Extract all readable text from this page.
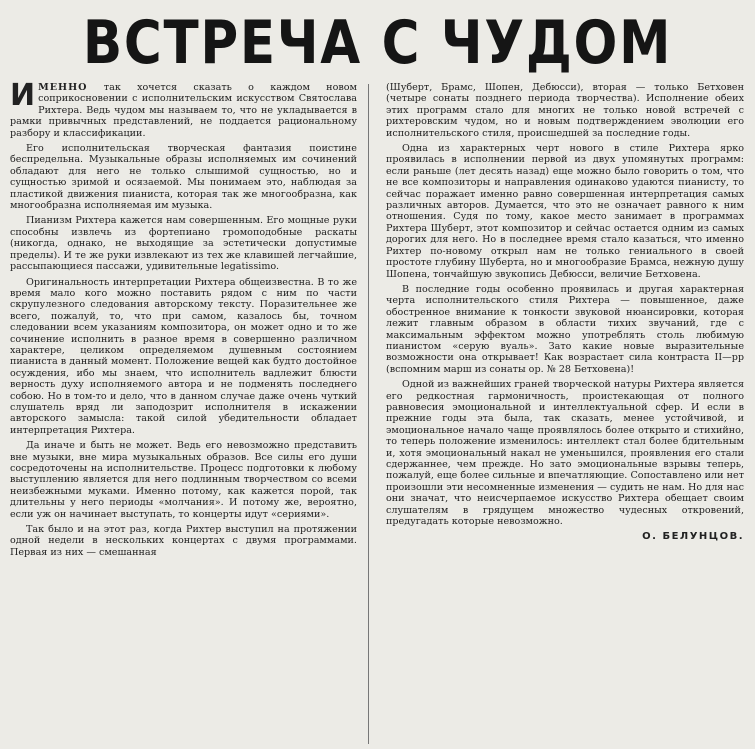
ВСТРЕЧА С ЧУДОМ

ИМЕННО так хочется сказать о каждом новом соприкосновении с исполнительским искусством Святослава Рихтера. Ведь чудом мы называем то, что не укладывается в рамки привычных представлений, не поддается рациональному разбору и классификации.

Его исполнительская творческая фантазия поистине беспредельна. Музыкальные образы исполняемых им сочинений обладают для него не только слышимой сущностью, но и сущностью зримой и осязаемой. Мы понимаем это, наблюдая за пластикой движения пианиста, которая так же многообразна, как многообразна исполняемая им музыка.

Пианизм Рихтера кажется нам совершенным. Его мощные руки способны извлечь из фортепиано громоподобные раскаты (никогда, однако, не выходящие за эстетически допустимые пределы). И те же руки извлекают из тех же клавишей легчайшие, рассыпающиеся пассажи, удивительные legatissimo.

Оригинальность интерпретации Рихтера общеизвестна. В то же время мало кого можно поставить рядом с ним по части скрупулезного следования авторскому тексту. Поразительнее же всего, пожалуй, то, что при самом, казалось бы, точном следовании всем указаниям композитора, он может одно и то же сочинение исполнить в разное время в совершенно различном характере, целиком определяемом душевным состоянием пианиста в данный момент. Положение вещей как будто достойное осуждения, ибо мы знаем, что исполнитель вадлежит блюсти верность духу исполняемого автора и не подменять последнего собою. Но в том-то и дело, что в данном случае даже очень чуткий слушатель вряд ли заподозрит исполнителя в искажении авторского замысла: такой силой убедительности обладает интерпретация Рихтера.

Да иначе и быть не может. Ведь его невозможно представить вне музыки, вне мира музыкальных образов. Все силы его души сосредоточены на исполнительстве. Процесс подготовки к любому выступлению является для него подлинным творчеством со всеми неизбежными муками. Именно потому, как кажется порой, так длительны у него периоды «молчания». И потому же, вероятно, если уж он начинает выступать, то концерты идут «сериями».

Так было и на этот раз, когда Рихтер выступил на протяжении одной недели в нескольких концертах с двумя программами. Первая из них — смешанная

(Шуберт, Брамс, Шопен, Дебюсси), вторая — только Бетховен (четыре сонаты позднего периода творчества). Исполнение обеих этих программ стало для многих не только новой встречей с рихтеровским чудом, но и новым подтверждением эволюции его исполнительского стиля, происшедшей за последние годы.

Одна из характерных черт нового в стиле Рихтера ярко проявилась в исполнении первой из двух упомянутых программ: если раньше (лет десять назад) еще можно было говорить о том, что не все композиторы и направления одинаково удаются пианисту, то сейчас поражает именно равно совершенная интерпретация самых различных авторов. Думается, что это не означает равного к ним отношения. Судя по тому, какое место занимает в программах Рихтера Шуберт, этот композитор и сейчас остается одним из самых дорогих для него. Но в последнее время стало казаться, что именно Рихтер по-новому открыл нам не только гениального в своей простоте глубину Шуберта, но и многообразие Брамса, нежную душу Шопена, тончайшую звукопись Дебюсси, величие Бетховена.

В последние годы особенно проявилась и другая характерная черта исполнительского стиля Рихтера — повышенное, даже обостренное внимание к тонкости звуковой нюансировки, которая лежит главным образом в области тихих звучаний, где с максимальным эффектом можно употреблять столь любимую пианистом «серую вуаль». Зато какие новые выразительные возможности она открывает! Как возрастает сила контраста II—pp (вспомним марш из сонаты ор. № 28 Бетховена)!

Одной из важнейших граней творческой натуры Рихтера является его редкостная гармоничность, проистекающая от полного равновесия эмоциональной и интеллектуальной сфер. И если в прежние годы эта была, так сказать, менее устойчивой, и эмоциональное начало чаще проявлялось более открыто и стихийно, то теперь положение изменилось: интеллект стал более бдительным и, хотя эмоциональный накал не уменьшился, проявления его стали сдержаннее, чем прежде. Но зато эмоциональные взрывы теперь, пожалуй, еще более сильные и впечатляющие. Сопоставлено или нет произошли эти несомненные изменения — судить не нам. Но для нас они значат, что неисчерпаемое искусство Рихтера обещает своим слушателям в грядущем множество чудесных откровений, предугадать которые невозможно.

О. БЕЛУНЦОВ.
